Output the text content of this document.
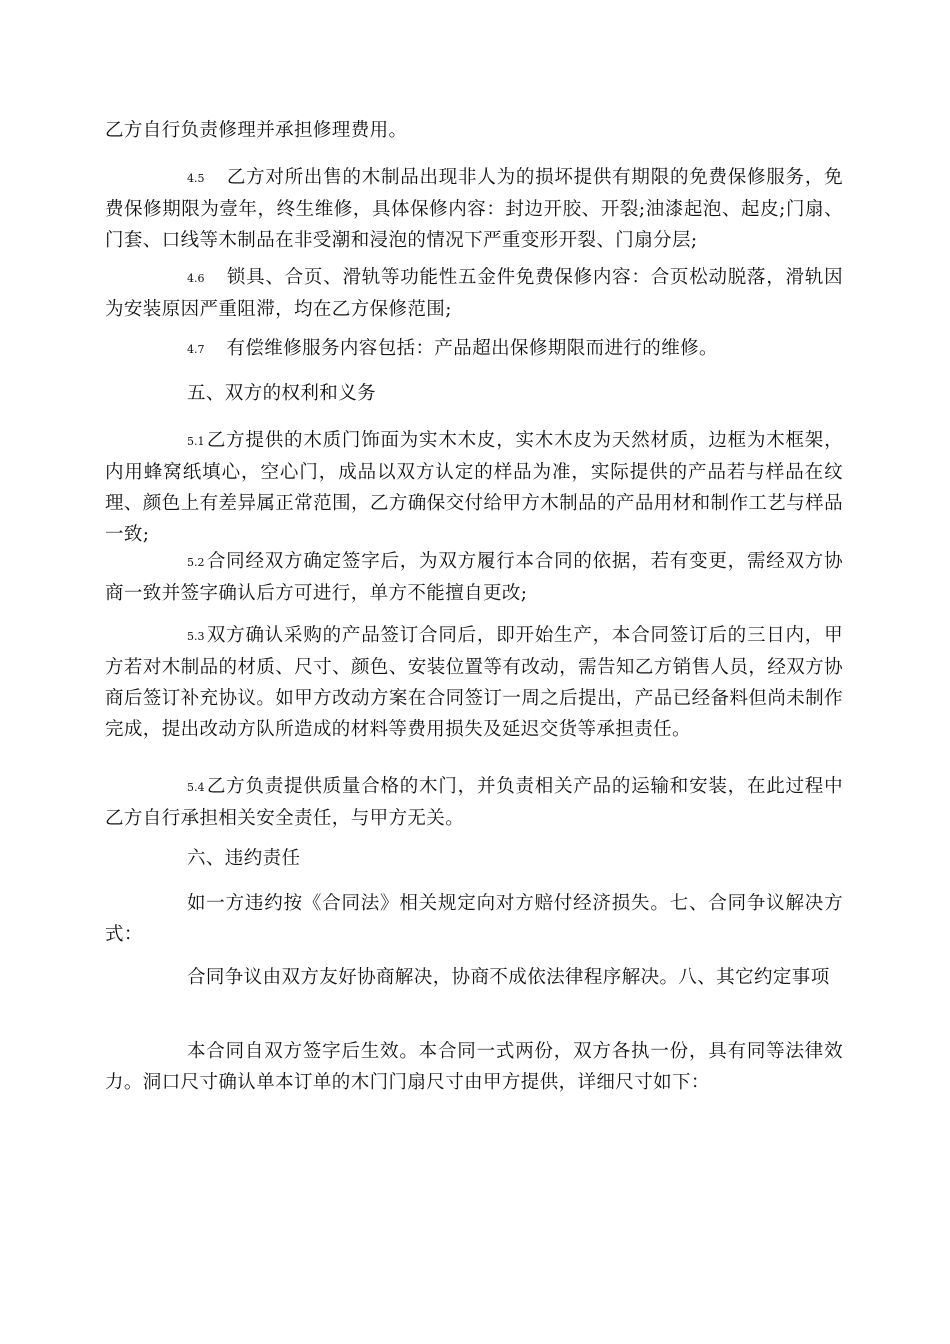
乙方自行负责修理并承担修理费用。

4.5 乙方对所出售的木制品出现非人为的损坏提供有期限的免费保修服务，免费保修期限为壹年，终生维修，具体保修内容：封边开胶、开裂;油漆起泡、起皮;门扇、门套、口线等木制品在非受潮和浸泡的情况下严重变形开裂、门扇分层;

4.6 锁具、合页、滑轨等功能性五金件免费保修内容：合页松动脱落，滑轨因为安装原因严重阻滞，均在乙方保修范围;

4.7 有偿维修服务内容包括：产品超出保修期限而进行的维修。

五、双方的权利和义务

5.1 乙方提供的木质门饰面为实木木皮，实木木皮为天然材质，边框为木框架，内用蜂窝纸填心，空心门，成品以双方认定的样品为准，实际提供的产品若与样品在纹理、颜色上有差异属正常范围，乙方确保交付给甲方木制品的产品用材和制作工艺与样品一致;

5.2 合同经双方确定签字后，为双方履行本合同的依据，若有变更，需经双方协商一致并签字确认后方可进行，单方不能擅自更改;

5.3 双方确认采购的产品签订合同后，即开始生产，本合同签订后的三日内，甲方若对木制品的材质、尺寸、颜色、安装位置等有改动，需告知乙方销售人员，经双方协商后签订补充协议。如甲方改动方案在合同签订一周之后提出，产品已经备料但尚未制作完成，提出改动方队所造成的材料等费用损失及延迟交货等承担责任。

5.4 乙方负责提供质量合格的木门，并负责相关产品的运输和安装，在此过程中乙方自行承担相关安全责任，与甲方无关。

六、违约责任

如一方违约按《合同法》相关规定向对方赔付经济损失。七、合同争议解决方式：

合同争议由双方友好协商解决，协商不成依法律程序解决。八、其它约定事项

本合同自双方签字后生效。本合同一式两份，双方各执一份，具有同等法律效力。洞口尺寸确认单本订单的木门门扇尺寸由甲方提供，详细尺寸如下：
